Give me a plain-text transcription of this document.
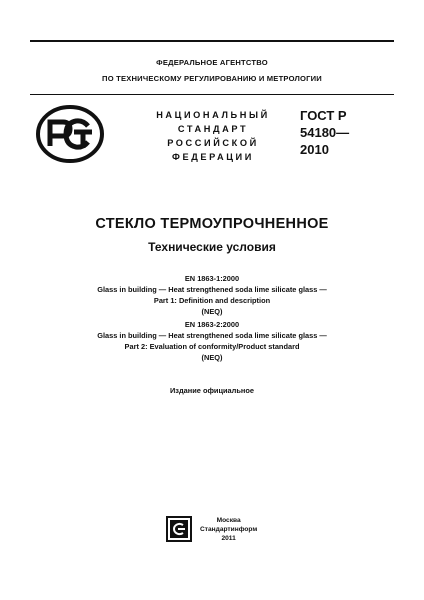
ФЕДЕРАЛЬНОЕ АГЕНТСТВО
ПО ТЕХНИЧЕСКОМУ РЕГУЛИРОВАНИЮ И МЕТРОЛОГИИ
НАЦИОНАЛЬНЫЙ
СТАНДАРТ
РОССИЙСКОЙ
ФЕДЕРАЦИИ
ГОСТ Р
54180—
2010
СТЕКЛО ТЕРМОУПРОЧНЕННОЕ
Технические условия
EN 1863-1:2000
Glass in building — Heat strengthened soda lime silicate glass —
Part 1: Definition and description
(NEQ)
EN 1863-2:2000
Glass in building — Heat strengthened soda lime silicate glass —
Part 2: Evaluation of conformity/Product standard
(NEQ)
Издание официальное
Москва
Стандартинформ
2011
